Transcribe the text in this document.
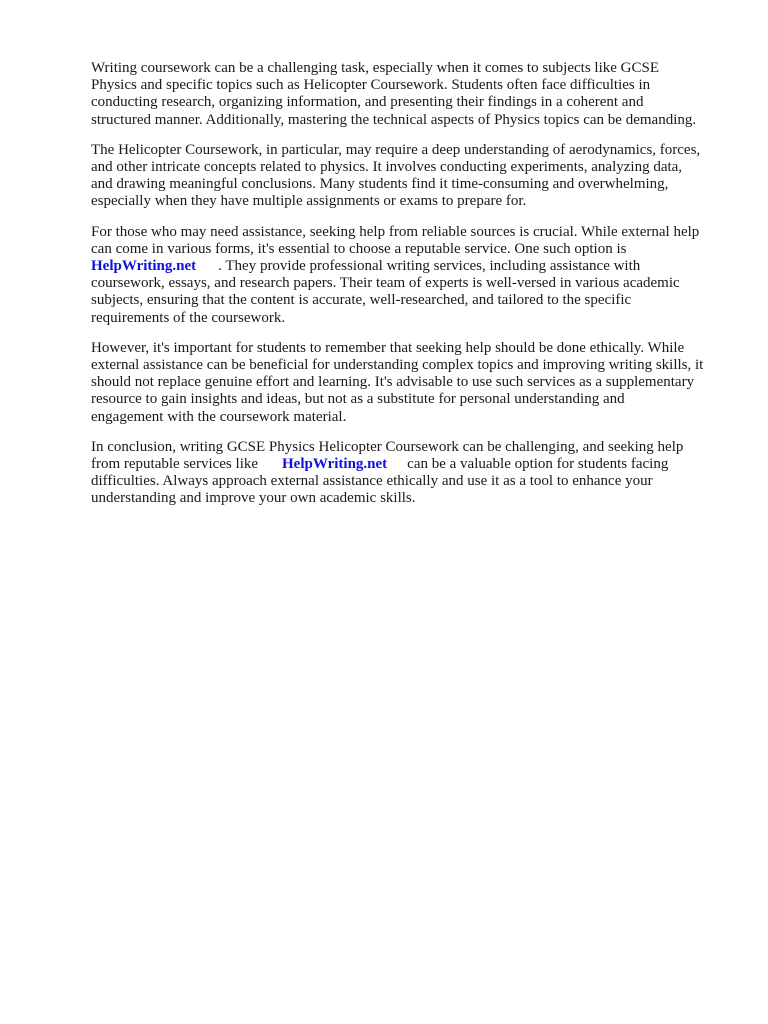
Writing coursework can be a challenging task, especially when it comes to subjects like GCSE
Physics and specific topics such as Helicopter Coursework. Students often face difficulties in
conducting research, organizing information, and presenting their findings in a coherent and
structured manner. Additionally, mastering the technical aspects of Physics topics can be demanding.

The Helicopter Coursework, in particular, may require a deep understanding of aerodynamics, forces,
and other intricate concepts related to physics. It involves conducting experiments, analyzing data,
and drawing meaningful conclusions. Many students find it time-consuming and overwhelming,
especially when they have multiple assignments or exams to prepare for.

For those who may need assistance, seeking help from reliable sources is crucial. While external help
can come in various forms, it's essential to choose a reputable service. One such option is
HelpWriting.net . They provide professional writing services, including assistance with
coursework, essays, and research papers. Their team of experts is well-versed in various academic
subjects, ensuring that the content is accurate, well-researched, and tailored to the specific
requirements of the coursework.

However, it's important for students to remember that seeking help should be done ethically. While
external assistance can be beneficial for understanding complex topics and improving writing skills, it
should not replace genuine effort and learning. It's advisable to use such services as a supplementary
resource to gain insights and ideas, but not as a substitute for personal understanding and
engagement with the coursework material.

In conclusion, writing GCSE Physics Helicopter Coursework can be challenging, and seeking help
from reputable services like HelpWriting.net can be a valuable option for students facing
difficulties. Always approach external assistance ethically and use it as a tool to enhance your
understanding and improve your own academic skills.
